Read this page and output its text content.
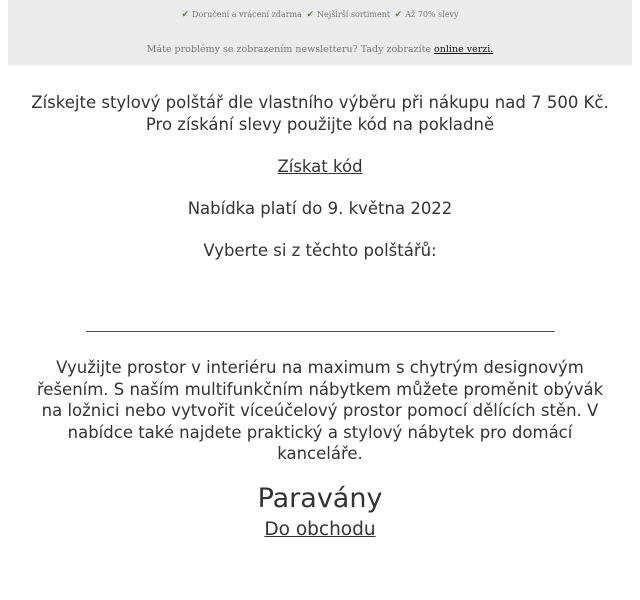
✔ Doručení a vrácení zdarma ✔ Nejširší sortiment ✔ Až 70% slevy
Máte problémy se zobrazením newsletteru? Tady zobrazíte online verzi.
Získejte stylový polštář dle vlastního výběru při nákupu nad 7 500 Kč.
Pro získání slevy použijte kód na pokladně
Získat kód
Nabídka platí do 9. května 2022
Vyberte si z těchto polštářů:
Využijte prostor v interiéru na maximum s chytrým designovým řešením. S naším multifunkčním nábytkem můžete proměnit obývák na ložnici nebo vytvořit víceúčelový prostor pomocí dělících stěn. V nabídce také najdete praktický a stylový nábytek pro domácí kanceláře.
Paravány
Do obchodu
